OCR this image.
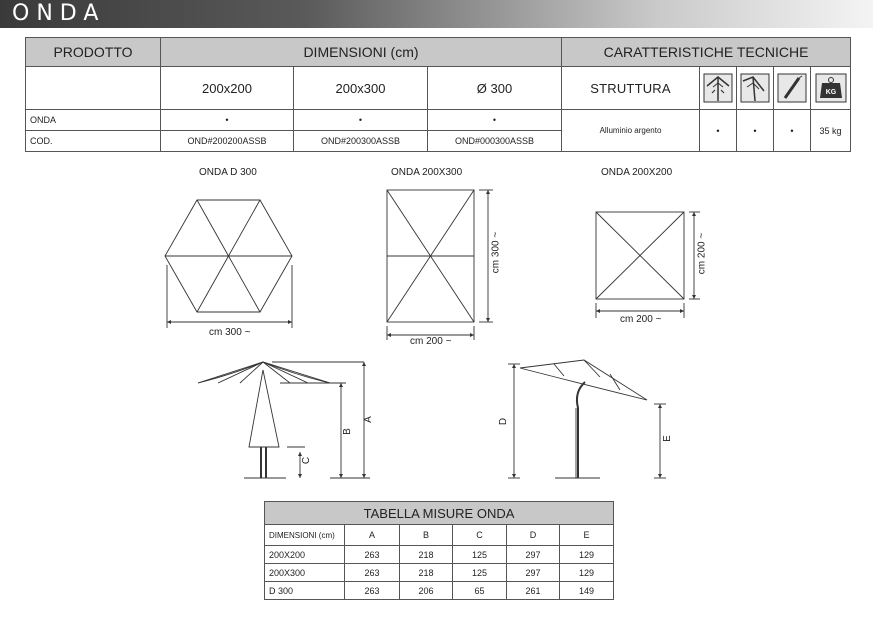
ONDA
PRODOTTO	DIMENSIONI (cm)			CARATTERISTICHE TECNICHE				
	200x200	200x300	Ø 300	STRUTTURA				KG

ONDA	•	•	•	Alluminio argento	•	•	•	35 kg
COD.	OND#200200ASSB	OND#200300ASSB	OND#000300ASSB					
ONDA D 300	ONDA 200X300	ONDA 200X200
cm 300 ~
cm 200 ~
cm 300 ~
cm 200 ~
cm 200 ~
A
B
C
D
E
TABELLA MISURE ONDA					
DIMENSIONI (cm)	A	B	C	D	E
200X200	263	218	125	297	129
200X300	263	218	125	297	129
D 300	263	206	65	261	149
